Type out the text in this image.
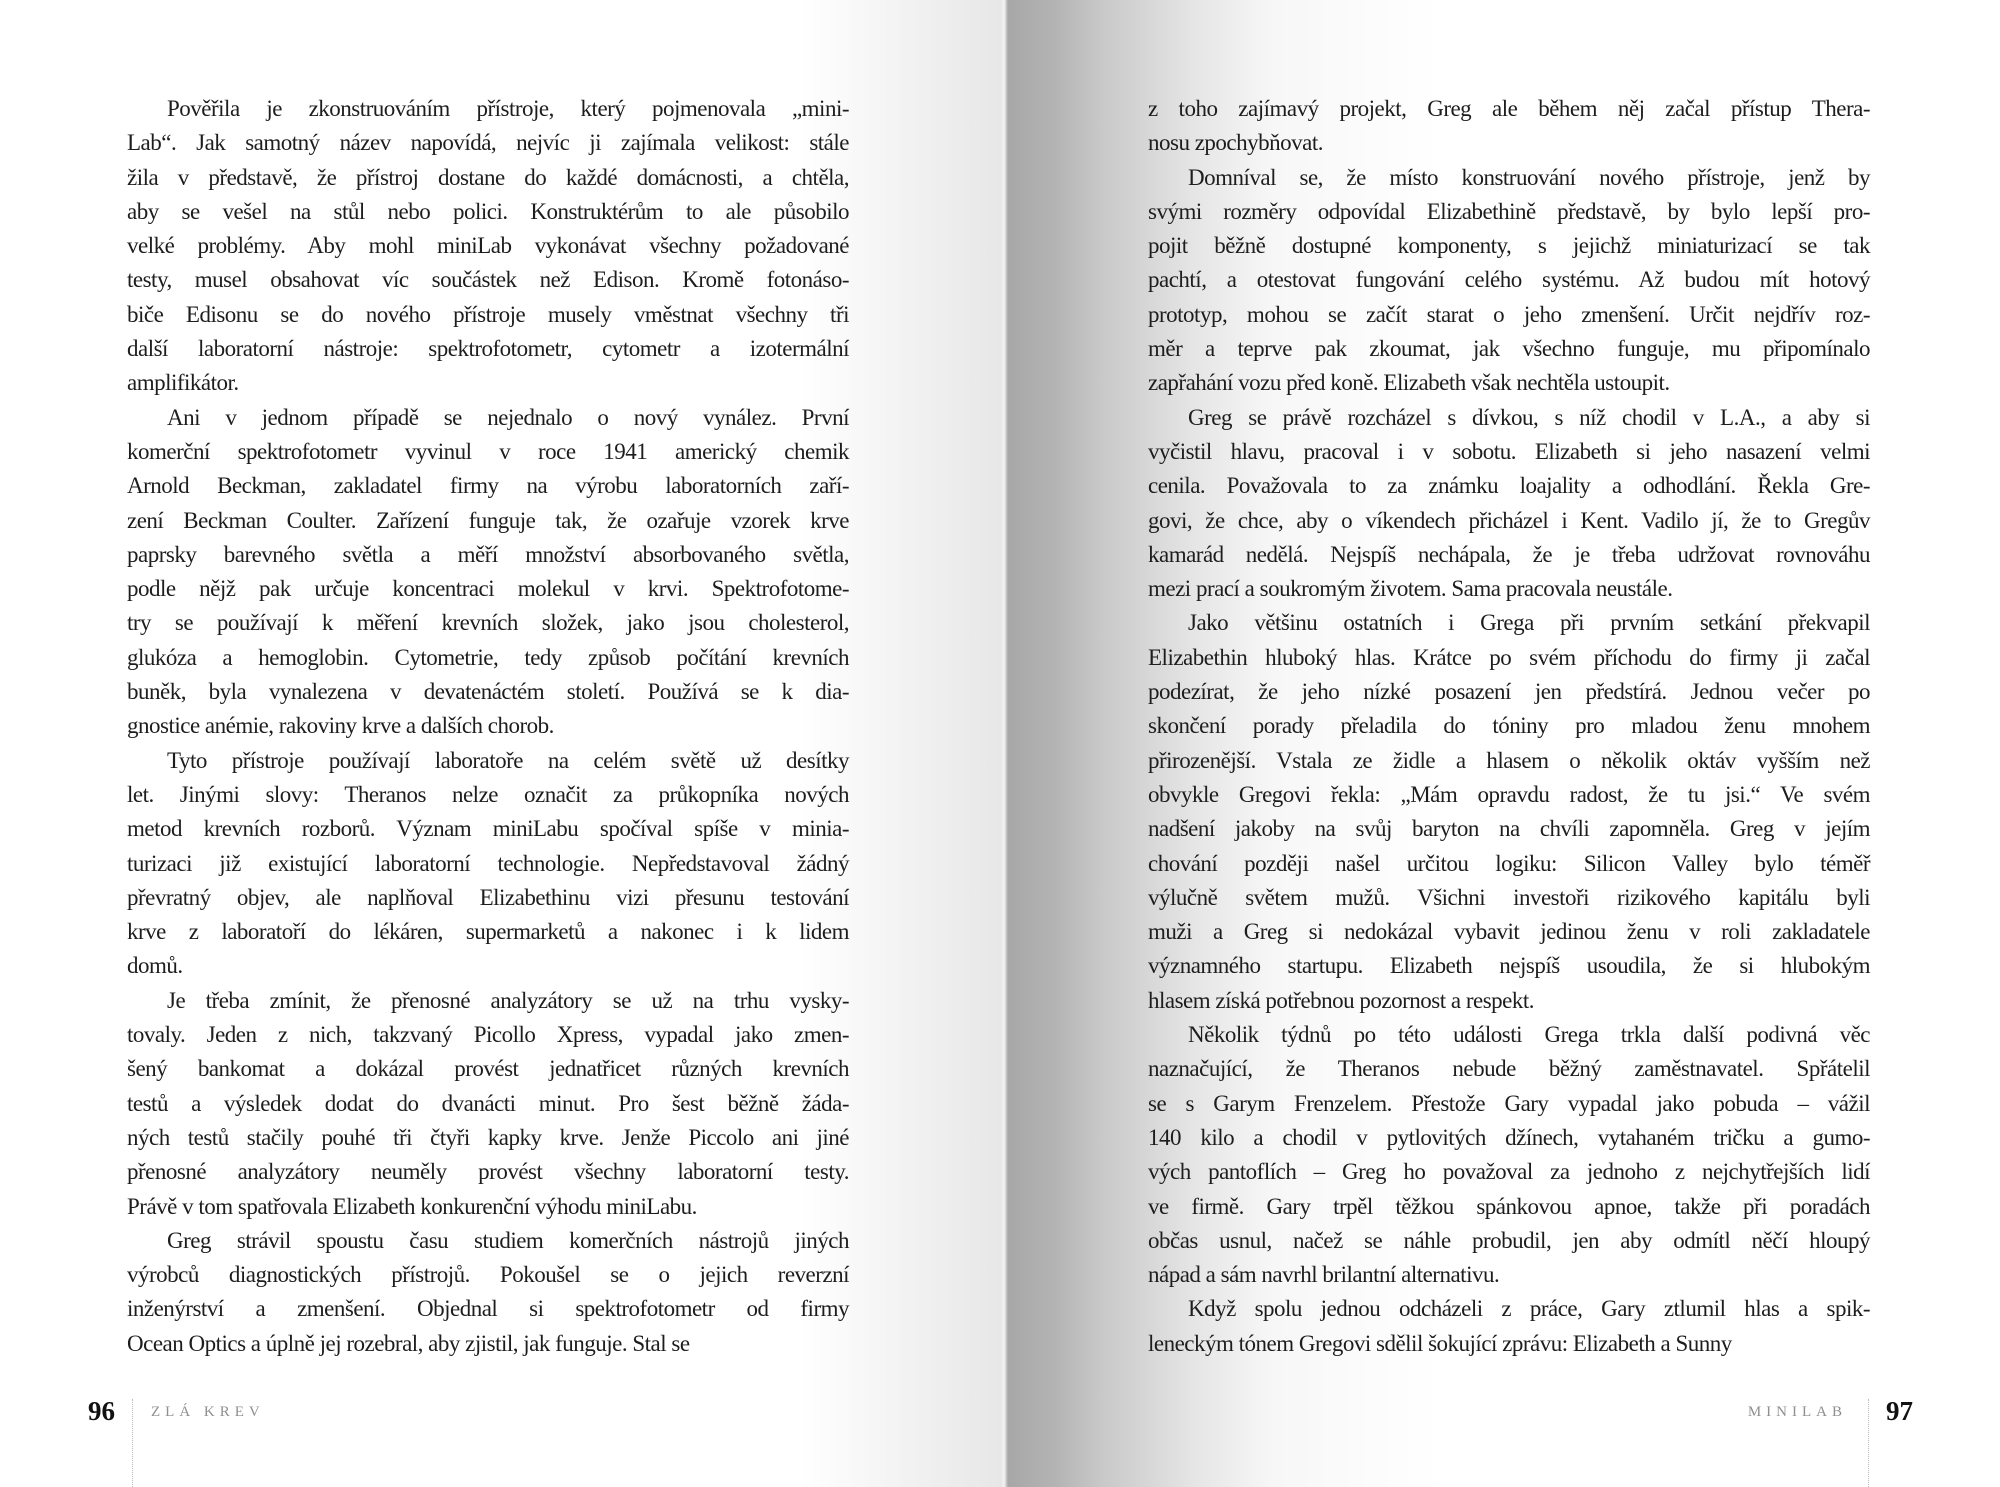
Pověřila je zkonstruováním přístroje, který pojmenovala „mini-
Lab“. Jak samotný název napovídá, nejvíc ji zajímala velikost: stále
žila v představě, že přístroj dostane do každé domácnosti, a chtěla,
aby se vešel na stůl nebo polici. Konstruktérům to ale působilo
velké problémy. Aby mohl miniLab vykonávat všechny požadované
testy, musel obsahovat víc součástek než Edison. Kromě fotonáso-
biče Edisonu se do nového přístroje musely vměstnat všechny tři
další laboratorní nástroje: spektrofotometr, cytometr a izotermální
amplifikátor.
Ani v jednom případě se nejednalo o nový vynález. První
komerční spektrofotometr vyvinul v roce 1941 americký chemik
Arnold Beckman, zakladatel firmy na výrobu laboratorních zaří-
zení Beckman Coulter. Zařízení funguje tak, že ozařuje vzorek krve
paprsky barevného světla a měří množství absorbovaného světla,
podle nějž pak určuje koncentraci molekul v krvi. Spektrofotome-
try se používají k měření krevních složek, jako jsou cholesterol,
glukóza a hemoglobin. Cytometrie, tedy způsob počítání krevních
buněk, byla vynalezena v devatenáctém století. Používá se k dia-
gnostice anémie, rakoviny krve a dalších chorob.
Tyto přístroje používají laboratoře na celém světě už desítky
let. Jinými slovy: Theranos nelze označit za průkopníka nových
metod krevních rozborů. Význam miniLabu spočíval spíše v minia-
turizaci již existující laboratorní technologie. Nepředstavoval žádný
převratný objev, ale naplňoval Elizabethinu vizi přesunu testování
krve z laboratoří do lékáren, supermarketů a nakonec i k lidem
domů.
Je třeba zmínit, že přenosné analyzátory se už na trhu vysky-
tovaly. Jeden z nich, takzvaný Picollo Xpress, vypadal jako zmen-
šený bankomat a dokázal provést jednatřicet různých krevních
testů a výsledek dodat do dvanácti minut. Pro šest běžně žáda-
ných testů stačily pouhé tři čtyři kapky krve. Jenže Piccolo ani jiné
přenosné analyzátory neuměly provést všechny laboratorní testy.
Právě v tom spatřovala Elizabeth konkurenční výhodu miniLabu.
Greg strávil spoustu času studiem komerčních nástrojů jiných
výrobců diagnostických přístrojů. Pokoušel se o jejich reverzní
inženýrství a zmenšení. Objednal si spektrofotometr od firmy
Ocean Optics a úplně jej rozebral, aby zjistil, jak funguje. Stal se
z toho zajímavý projekt, Greg ale během něj začal přístup Thera-
nosu zpochybňovat.
Domníval se, že místo konstruování nového přístroje, jenž by
svými rozměry odpovídal Elizabethině představě, by bylo lepší pro-
pojit běžně dostupné komponenty, s jejichž miniaturizací se tak
pachtí, a otestovat fungování celého systému. Až budou mít hotový
prototyp, mohou se začít starat o jeho zmenšení. Určit nejdřív roz-
měr a teprve pak zkoumat, jak všechno funguje, mu připomínalo
zapřahání vozu před koně. Elizabeth však nechtěla ustoupit.
Greg se právě rozcházel s dívkou, s níž chodil v L.A., a aby si
vyčistil hlavu, pracoval i v sobotu. Elizabeth si jeho nasazení velmi
cenila. Považovala to za známku loajality a odhodlání. Řekla Gre-
govi, že chce, aby o víkendech přicházel i Kent. Vadilo jí, že to Gregův
kamarád nedělá. Nejspíš nechápala, že je třeba udržovat rovnováhu
mezi prací a soukromým životem. Sama pracovala neustále.
Jako většinu ostatních i Grega při prvním setkání překvapil
Elizabethin hluboký hlas. Krátce po svém příchodu do firmy ji začal
podezírat, že jeho nízké posazení jen předstírá. Jednou večer po
skončení porady přeladila do tóniny pro mladou ženu mnohem
přirozenější. Vstala ze židle a hlasem o několik oktáv vyšším než
obvykle Gregovi řekla: „Mám opravdu radost, že tu jsi.“ Ve svém
nadšení jakoby na svůj baryton na chvíli zapomněla. Greg v jejím
chování později našel určitou logiku: Silicon Valley bylo téměř
výlučně světem mužů. Všichni investoři rizikového kapitálu byli
muži a Greg si nedokázal vybavit jedinou ženu v roli zakladatele
významného startupu. Elizabeth nejspíš usoudila, že si hlubokým
hlasem získá potřebnou pozornost a respekt.
Několik týdnů po této události Grega trkla další podivná věc
naznačující, že Theranos nebude běžný zaměstnavatel. Spřátelil
se s Garym Frenzelem. Přestože Gary vypadal jako pobuda – vážil
140 kilo a chodil v pytlovitých džínech, vytahaném tričku a gumo-
vých pantoflích – Greg ho považoval za jednoho z nejchytřejších lidí
ve firmě. Gary trpěl těžkou spánkovou apnoe, takže při poradách
občas usnul, načež se náhle probudil, jen aby odmítl něčí hloupý
nápad a sám navrhl brilantní alternativu.
Když spolu jednou odcházeli z práce, Gary ztlumil hlas a spik-
leneckým tónem Gregovi sdělil šokující zprávu: Elizabeth a Sunny
96 ZLÁ KREV	MINILAB 97
